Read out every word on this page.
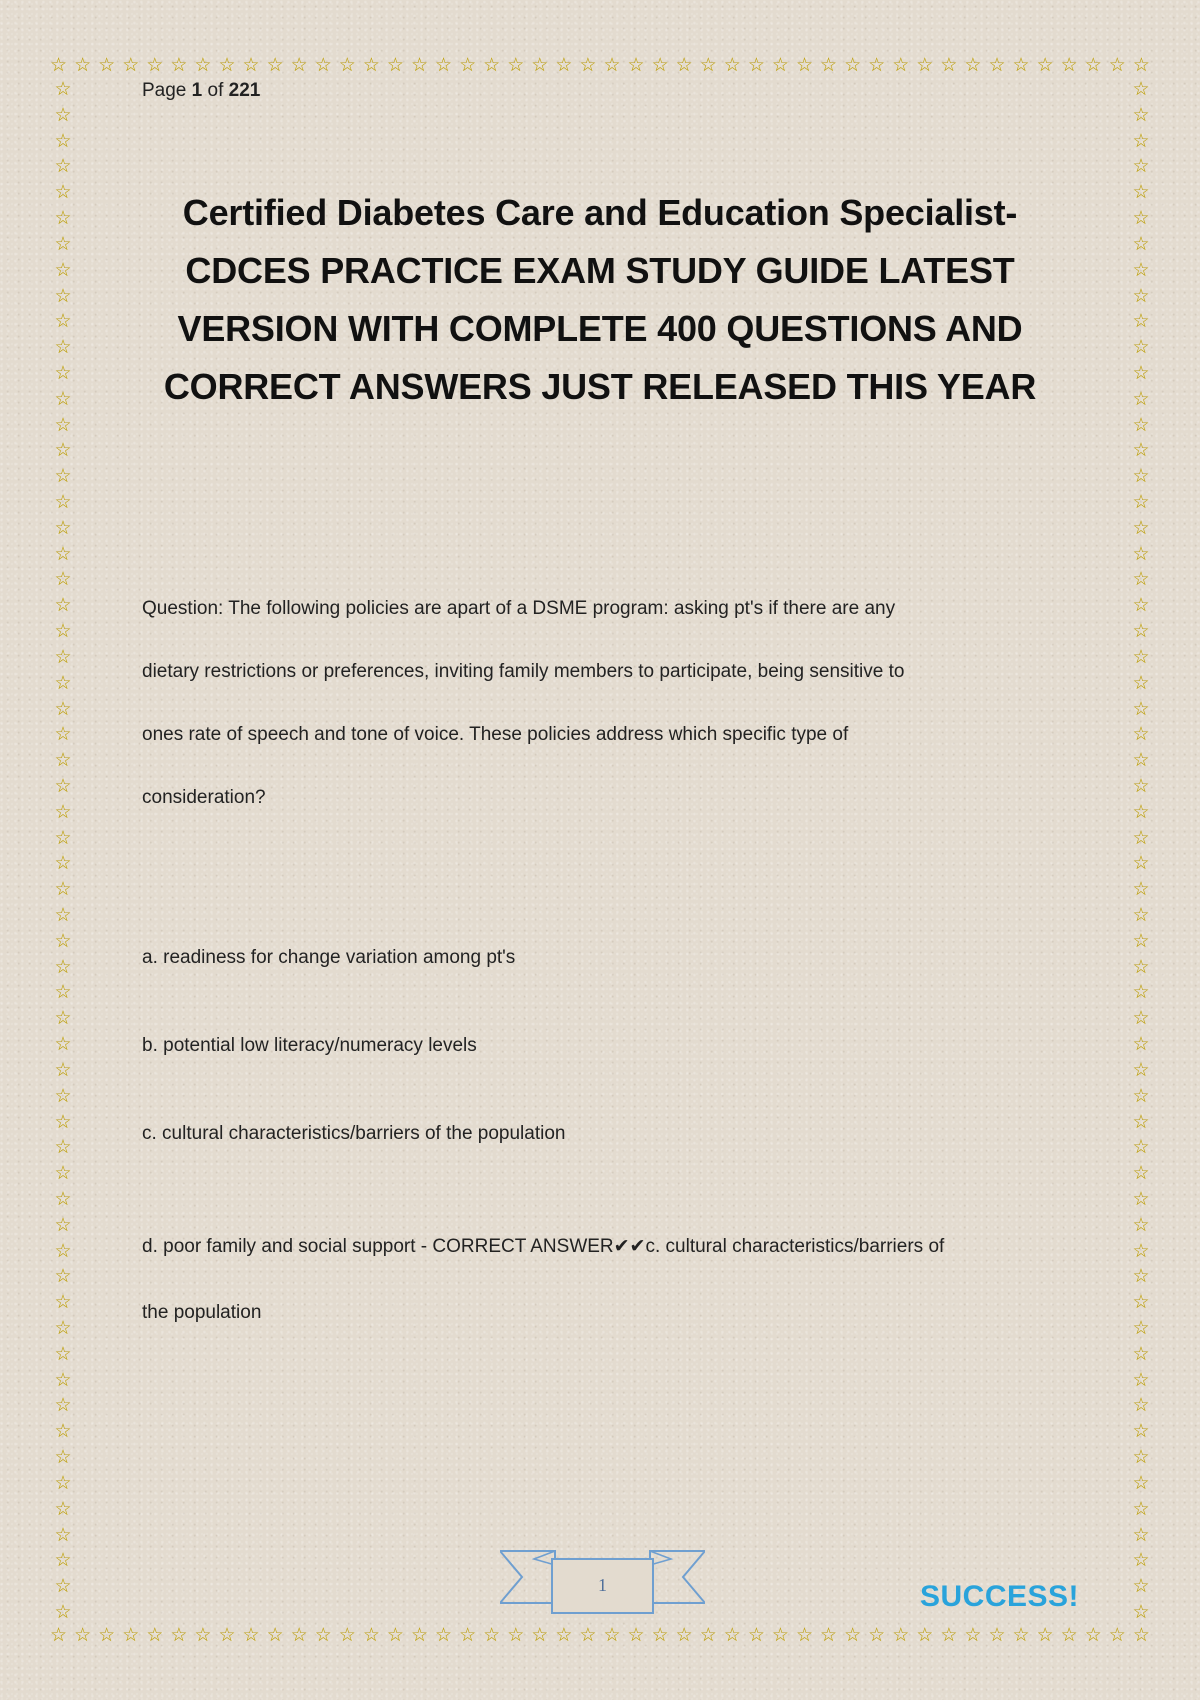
☆ ☆ ☆ ☆ ☆ ☆ ☆ ☆ ☆ ☆ ☆ ☆ ☆ ☆ ☆ ☆ ☆ ☆ ☆ ☆ ☆ ☆ ☆ ☆ ☆ ☆ ☆ ☆ ☆ ☆ ☆ ☆ ☆ ☆ ☆ ☆ ☆ ☆ ☆ ☆ ☆ ☆ ☆ ☆ ☆ ☆
☆ ☆ ☆ ☆ ☆ ☆ ☆ ☆ ☆ ☆ ☆ ☆ ☆ ☆ ☆ ☆ ☆ ☆ ☆ ☆ ☆ ☆ ☆ ☆ ☆ ☆ ☆ ☆ ☆ ☆ ☆ ☆ ☆ ☆ ☆ ☆ ☆ ☆ ☆ ☆ ☆ ☆ ☆ ☆ ☆ ☆
☆
☆
☆
☆
☆
☆
☆
☆
☆
☆
☆
☆
☆
☆
☆
☆
☆
☆
☆
☆
☆
☆
☆
☆
☆
☆
☆
☆
☆
☆
☆
☆
☆
☆
☆
☆
☆
☆
☆
☆
☆
☆
☆
☆
☆
☆
☆
☆
☆
☆
☆
☆
☆
☆
☆
☆
☆
☆
☆
☆
☆
☆
☆
☆
☆
☆
☆
☆
☆
☆
☆
☆
☆
☆
☆
☆
☆
☆
☆
☆
☆
☆
☆
☆
☆
☆
☆
☆
☆
☆
☆
☆
☆
☆
☆
☆
☆
☆
☆
☆
☆
☆
☆
☆
☆
☆
☆
☆
☆
☆
☆
☆
☆
☆
☆
☆
☆
☆
☆
☆
Page 1 of 221
Certified Diabetes Care and Education Specialist-
CDCES PRACTICE EXAM STUDY GUIDE LATEST
VERSION WITH COMPLETE 400 QUESTIONS AND
CORRECT ANSWERS JUST RELEASED THIS YEAR
Question: The following policies are apart of a DSME program: asking pt's if there are any
dietary restrictions or preferences, inviting family members to participate, being sensitive to
ones rate of speech and tone of voice. These policies address which specific type of
consideration?
a. readiness for change variation among pt's
b. potential low literacy/numeracy levels
c. cultural characteristics/barriers of the population
d. poor family and social support - CORRECT ANSWER✔✔c. cultural characteristics/barriers of
the population
1	SUCCESS!
